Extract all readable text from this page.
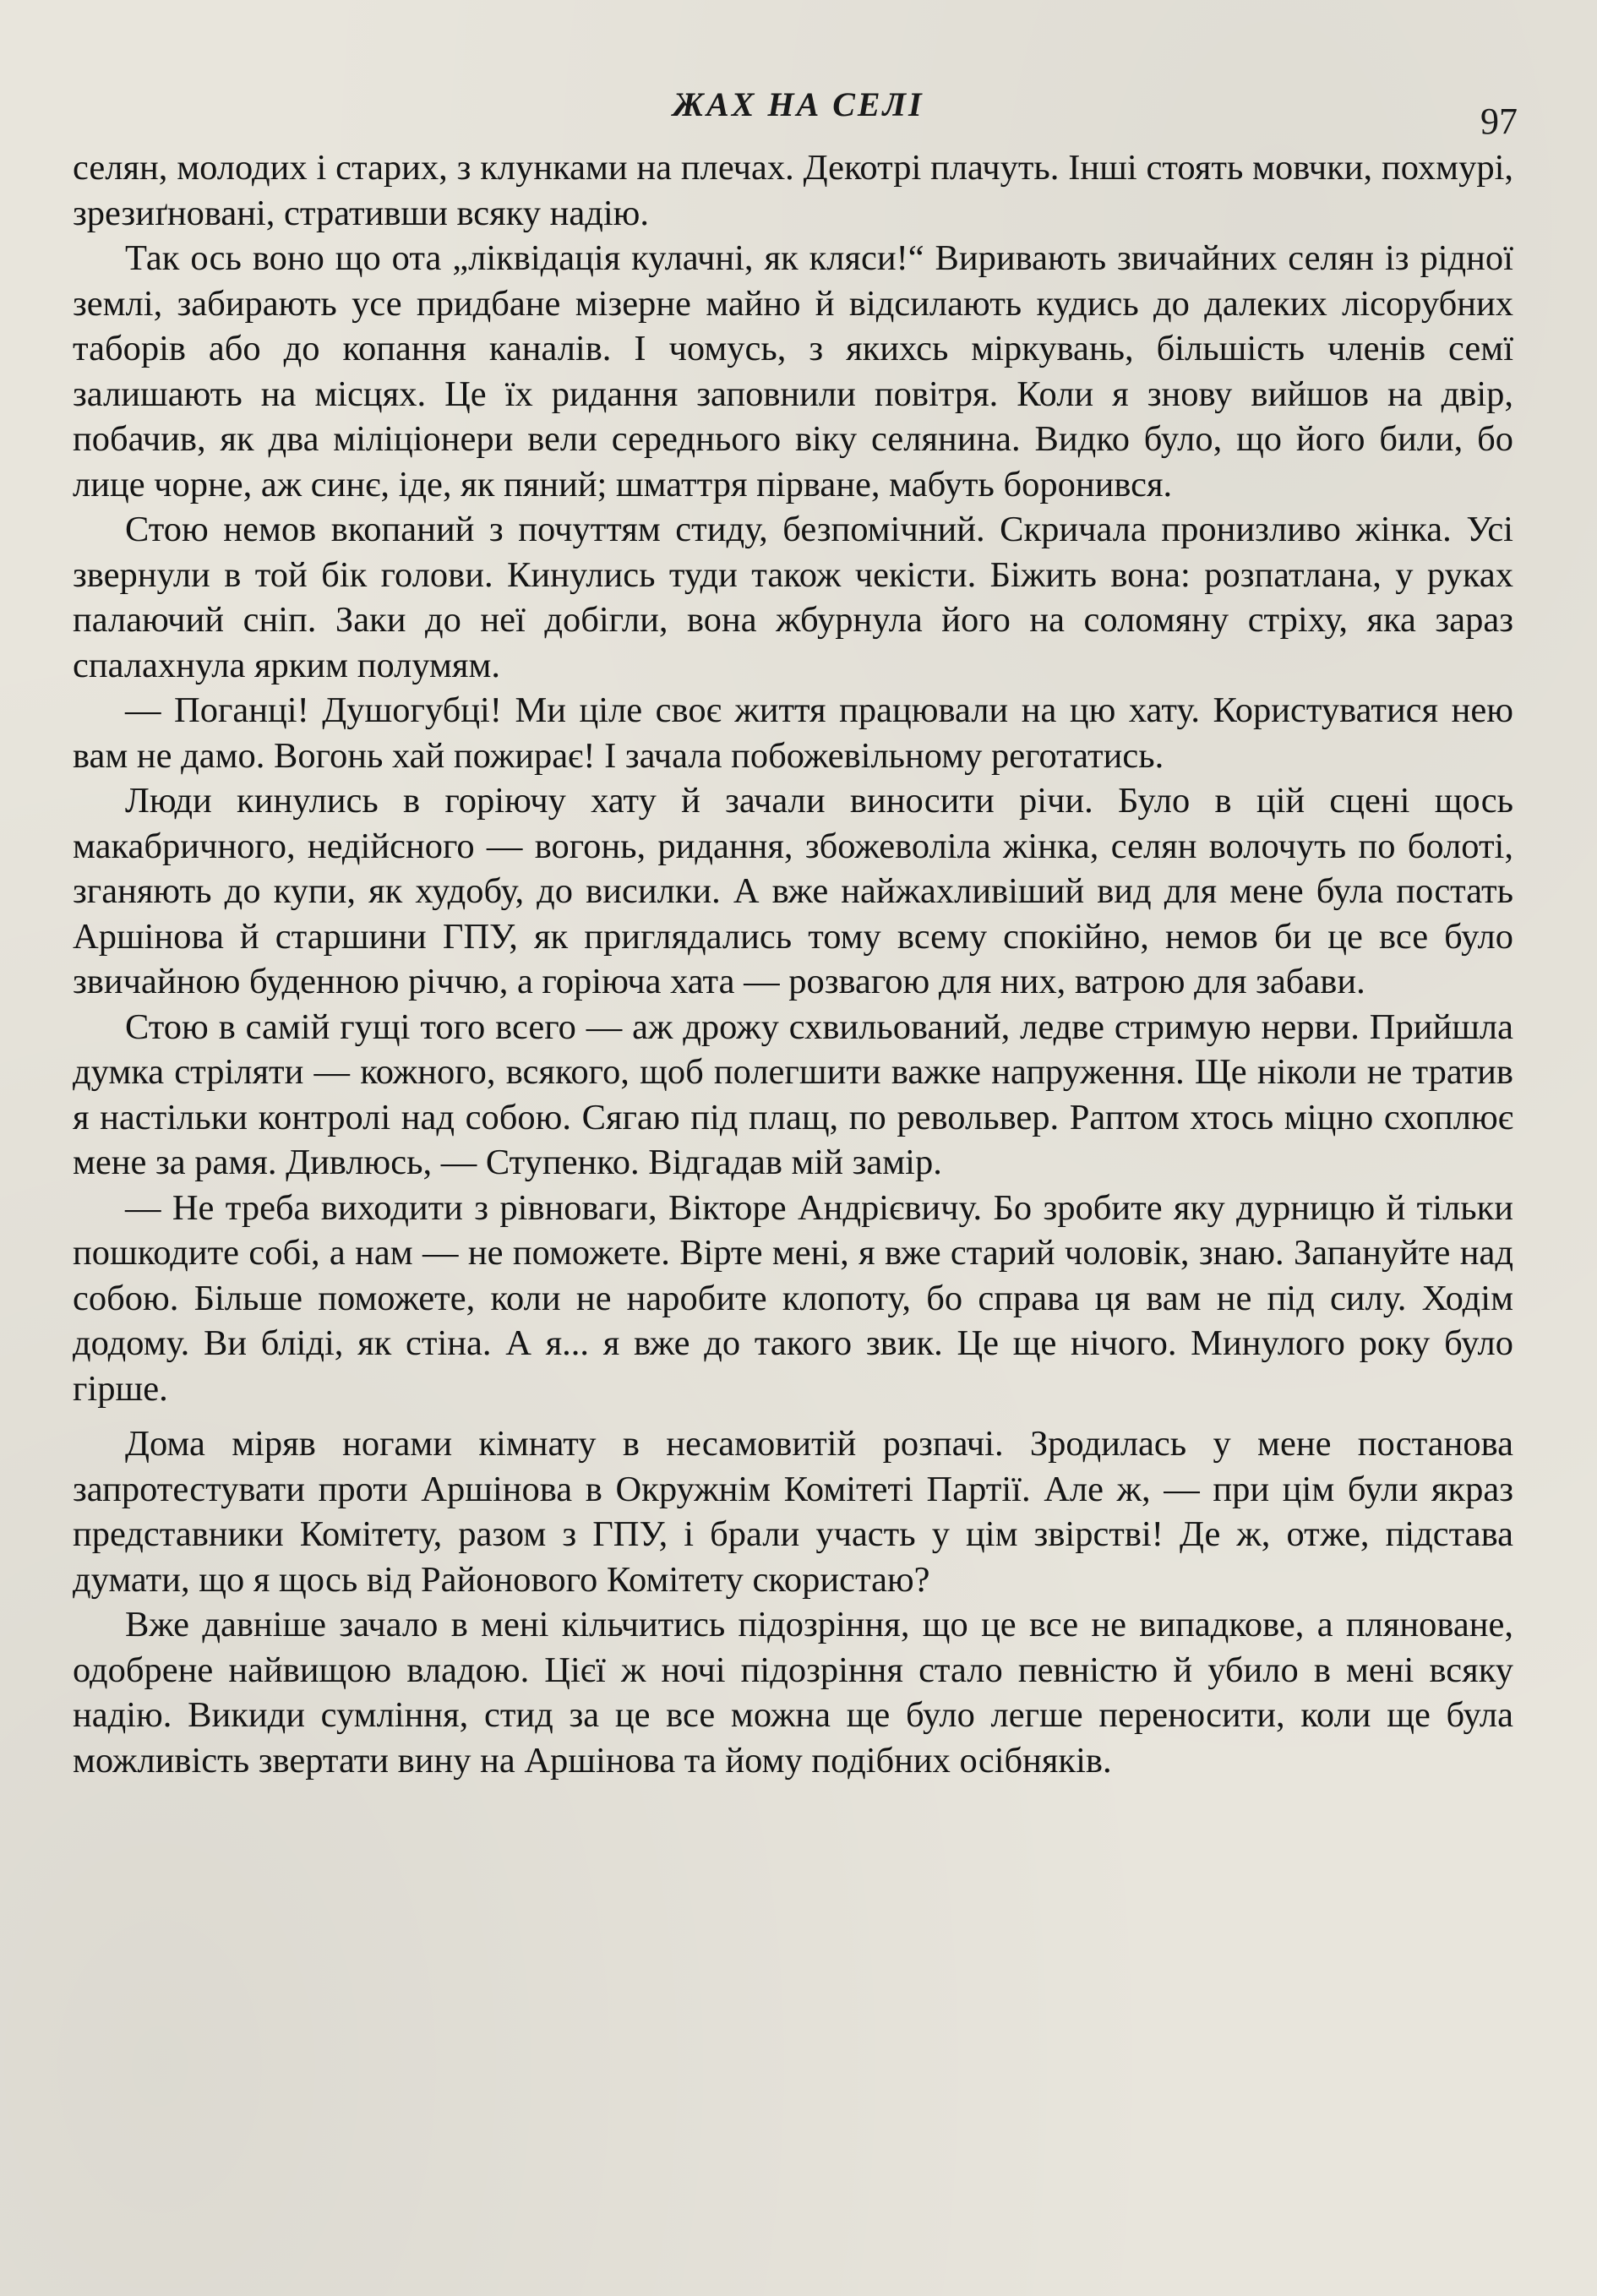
ЖАХ НА СЕЛІ	97

селян, молодих і старих, з клунками на плечах. Декотрі плачуть. Інші стоять мовчки, похмурі, зрезиґновані, стративши всяку надію.

Так ось воно що ота „ліквідація кулачні, як кляси!“ Виривають звичайних селян із рідної землі, забирають усе придбане мізерне майно й відсилають кудись до далеких лісорубних таборів або до копання каналів. І чомусь, з якихсь міркувань, більшість членів семї залишають на місцях. Це їх ридання заповнили повітря. Коли я знову вийшов на двір, побачив, як два міліціонери вели середнього віку селянина. Видко було, що його били, бо лице чорне, аж синє, іде, як пяний; шматтря пірване, мабуть боронився.

Стою немов вкопаний з почуттям стиду, безпомічний. Скричала пронизливо жінка. Усі звернули в той бік голови. Кинулись туди також чекісти. Біжить вона: розпатлана, у руках палаючий сніп. Заки до неї добігли, вона жбурнула його на соломяну стріху, яка зараз спалахнула ярким полумям.

— Поганці! Душогубці! Ми ціле своє життя працювали на цю хату. Користуватися нею вам не дамо. Вогонь хай пожирає! І зачала побожевільному реготатись.

Люди кинулись в горіючу хату й зачали виносити річи. Було в цій сцені щось макабричного, недійсного — вогонь, ридання, збожеволіла жінка, селян волочуть по болоті, зганяють до купи, як худобу, до висилки. А вже найжахливіший вид для мене була постать Аршінова й старшини ГПУ, як приглядались тому всему спокійно, немов би це все було звичайною буденною річчю, а горіюча хата — розвагою для них, ватрою для забави.

Стою в самій гущі того всего — аж дрожу схвильований, ледве стримую нерви. Прийшла думка стріляти — кожного, всякого, щоб полегшити важке напруження. Ще ніколи не тратив я настільки контролі над собою. Сягаю під плащ, по револьвер. Раптом хтось міцно схоплює мене за рамя. Дивлюсь, — Ступенко. Відгадав мій замір.

— Не треба виходити з рівноваги, Вікторе Андрієвичу. Бо зробите яку дурницю й тільки пошкодите собі, а нам — не поможете. Вірте мені, я вже старий чоловік, знаю. Запануйте над собою. Більше поможете, коли не наробите клопоту, бо справа ця вам не під силу. Ходім додому. Ви бліді, як стіна. А я... я вже до такого звик. Це ще нічого. Минулого року було гірше.

Дома міряв ногами кімнату в несамовитій розпачі. Зродилась у мене постанова запротестувати проти Аршінова в Окружнім Комітеті Партії. Але ж, — при цім були якраз представники Комітету, разом з ГПУ, і брали участь у цім звірстві! Де ж, отже, підстава думати, що я щось від Районового Комітету скористаю?

Вже давніше зачало в мені кільчитись підозріння, що це все не випадкове, а пляноване, одобрене найвищою владою. Цієї ж ночі підозріння стало певністю й убило в мені всяку надію. Викиди сумління, стид за це все можна ще було легше переносити, коли ще була можливість звертати вину на Аршінова та йому подібних осібняків.
